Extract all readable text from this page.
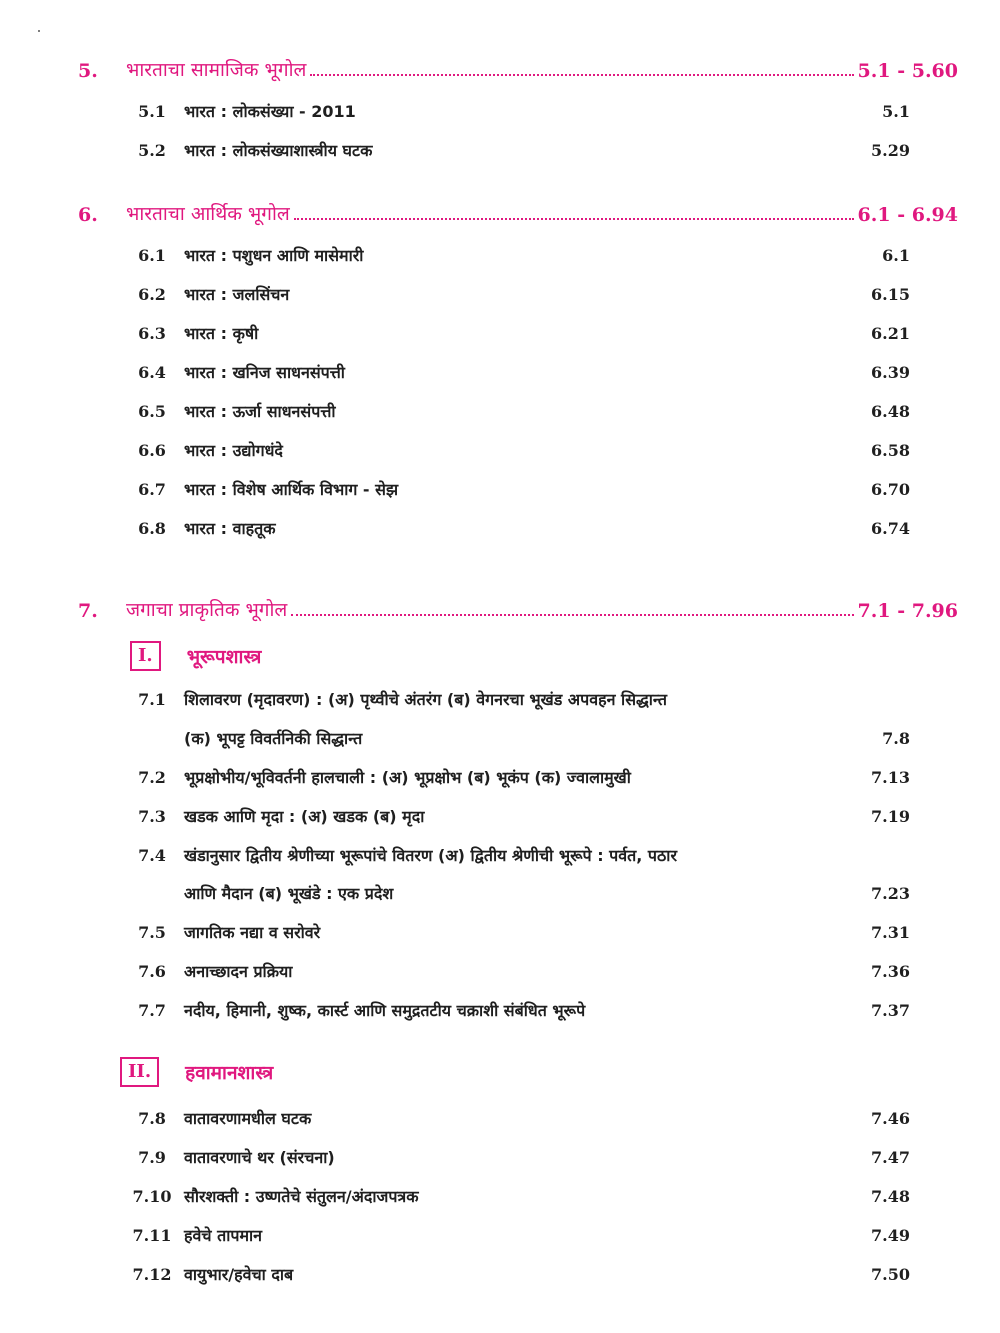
5.	भारताचा सामाजिक भूगोल	5.1 - 5.60
5.1	भारत : लोकसंख्या - 2011	5.1
5.2	भारत : लोकसंख्याशास्त्रीय घटक	5.29
6.	भारताचा आर्थिक भूगोल	6.1 - 6.94
6.1	भारत : पशुधन आणि मासेमारी	6.1
6.2	भारत : जलसिंचन	6.15
6.3	भारत : कृषी	6.21
6.4	भारत : खनिज साधनसंपत्ती	6.39
6.5	भारत : ऊर्जा साधनसंपत्ती	6.48
6.6	भारत : उद्योगधंदे	6.58
6.7	भारत : विशेष आर्थिक विभाग - सेझ	6.70
6.8	भारत : वाहतूक	6.74
7.	जगाचा प्राकृतिक भूगोल	7.1 - 7.96
I.	भूरूपशास्त्र
7.1	शिलावरण (मृदावरण) : (अ) पृथ्वीचे अंतरंग (ब) वेगनरचा भूखंड अपवहन सिद्धान्त
(क) भूपट्ट विवर्तनिकी सिद्धान्त	7.8
7.2	भूप्रक्षोभीय/भूविवर्तनी हालचाली : (अ) भूप्रक्षोभ (ब) भूकंप (क) ज्वालामुखी	7.13
7.3	खडक आणि मृदा : (अ) खडक (ब) मृदा	7.19
7.4	खंडानुसार द्वितीय श्रेणीच्या भूरूपांचे वितरण (अ) द्वितीय श्रेणीची भूरूपे : पर्वत, पठार
आणि मैदान (ब) भूखंडे : एक प्रदेश	7.23
7.5	जागतिक नद्या व सरोवरे	7.31
7.6	अनाच्छादन प्रक्रिया	7.36
7.7	नदीय, हिमानी, शुष्क, कार्स्ट आणि समुद्रतटीय चक्राशी संबंधित भूरूपे	7.37
II.	हवामानशास्त्र
7.8	वातावरणामधील घटक	7.46
7.9	वातावरणाचे थर (संरचना)	7.47
7.10 सौरशक्ती : उष्णतेचे संतुलन/अंदाजपत्रक	7.48
7.11 हवेचे तापमान	7.49
7.12 वायुभार/हवेचा दाब	7.50
